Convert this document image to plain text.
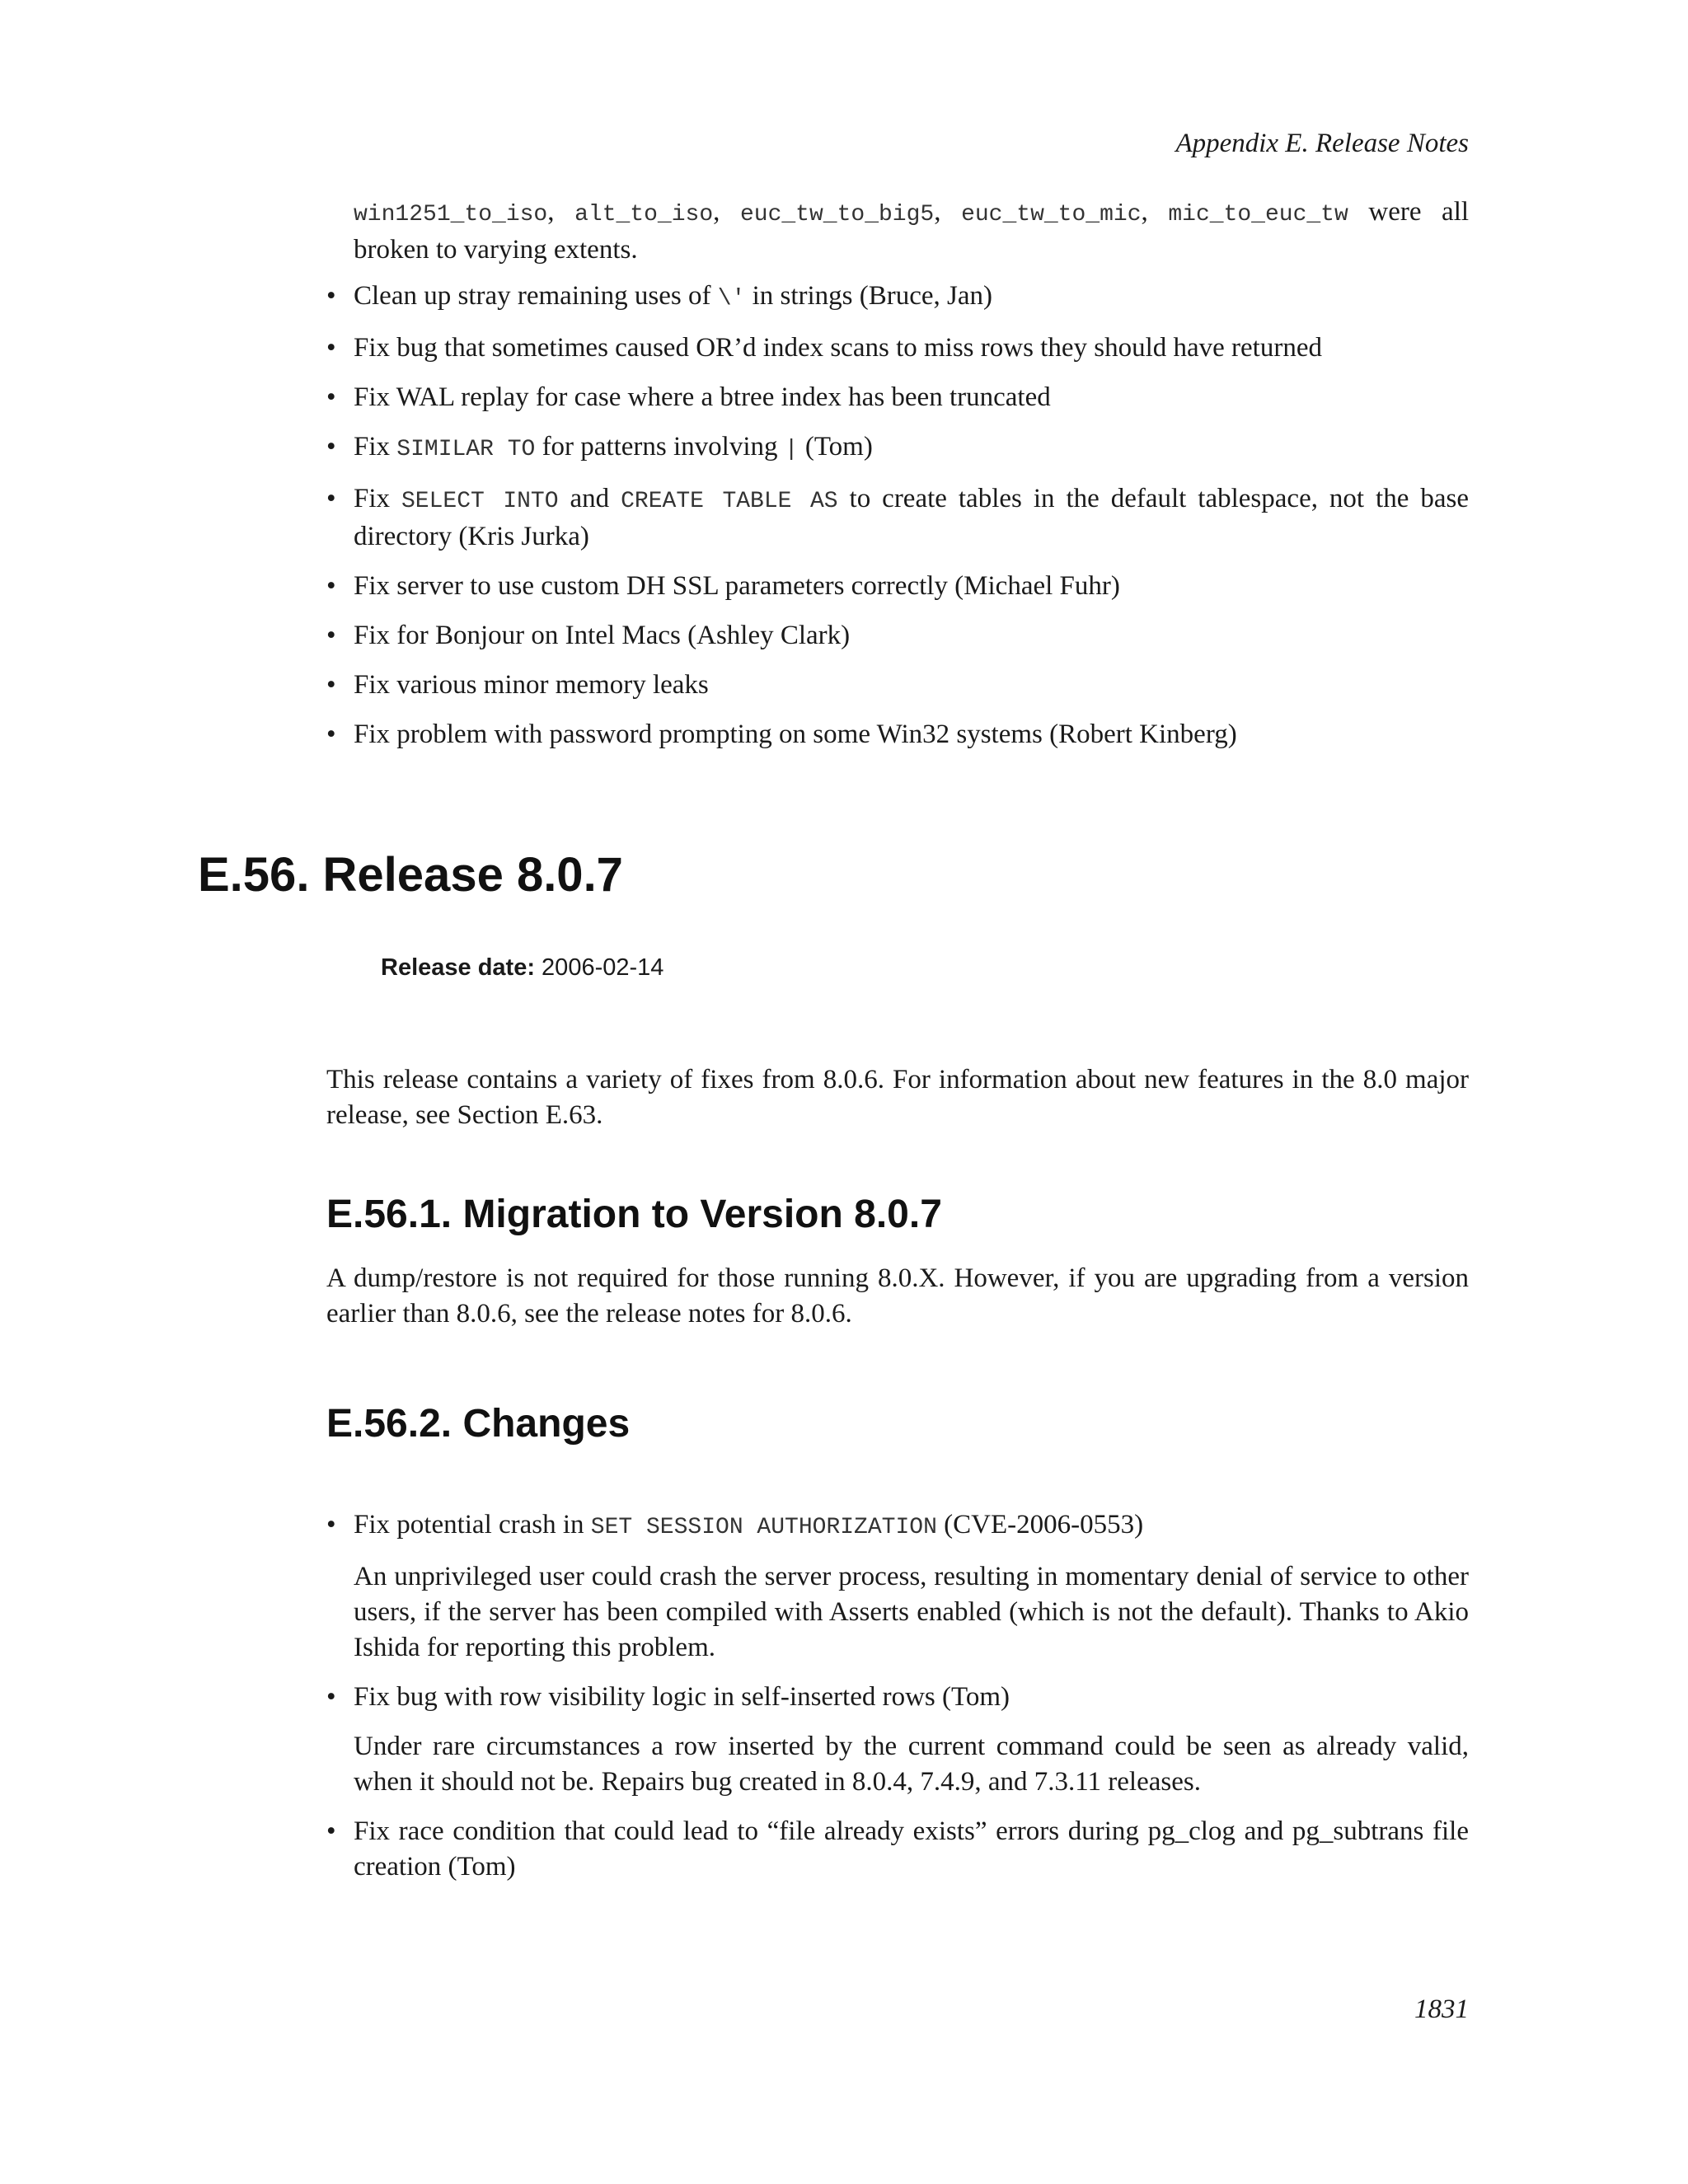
Appendix E. Release Notes
win1251_to_iso, alt_to_iso, euc_tw_to_big5, euc_tw_to_mic, mic_to_euc_tw were all broken to varying extents.
• Clean up stray remaining uses of \' in strings (Bruce, Jan)
• Fix bug that sometimes caused OR’d index scans to miss rows they should have returned
• Fix WAL replay for case where a btree index has been truncated
• Fix SIMILAR TO for patterns involving | (Tom)
• Fix SELECT INTO and CREATE TABLE AS to create tables in the default tablespace, not the base directory (Kris Jurka)
• Fix server to use custom DH SSL parameters correctly (Michael Fuhr)
• Fix for Bonjour on Intel Macs (Ashley Clark)
• Fix various minor memory leaks
• Fix problem with password prompting on some Win32 systems (Robert Kinberg)
E.56. Release 8.0.7
Release date: 2006-02-14
This release contains a variety of fixes from 8.0.6. For information about new features in the 8.0 major release, see Section E.63.
E.56.1. Migration to Version 8.0.7
A dump/restore is not required for those running 8.0.X. However, if you are upgrading from a version earlier than 8.0.6, see the release notes for 8.0.6.
E.56.2. Changes
• Fix potential crash in SET SESSION AUTHORIZATION (CVE-2006-0553)
An unprivileged user could crash the server process, resulting in momentary denial of service to other users, if the server has been compiled with Asserts enabled (which is not the default). Thanks to Akio Ishida for reporting this problem.
• Fix bug with row visibility logic in self-inserted rows (Tom)
Under rare circumstances a row inserted by the current command could be seen as already valid, when it should not be. Repairs bug created in 8.0.4, 7.4.9, and 7.3.11 releases.
• Fix race condition that could lead to “file already exists” errors during pg_clog and pg_subtrans file creation (Tom)
1831
